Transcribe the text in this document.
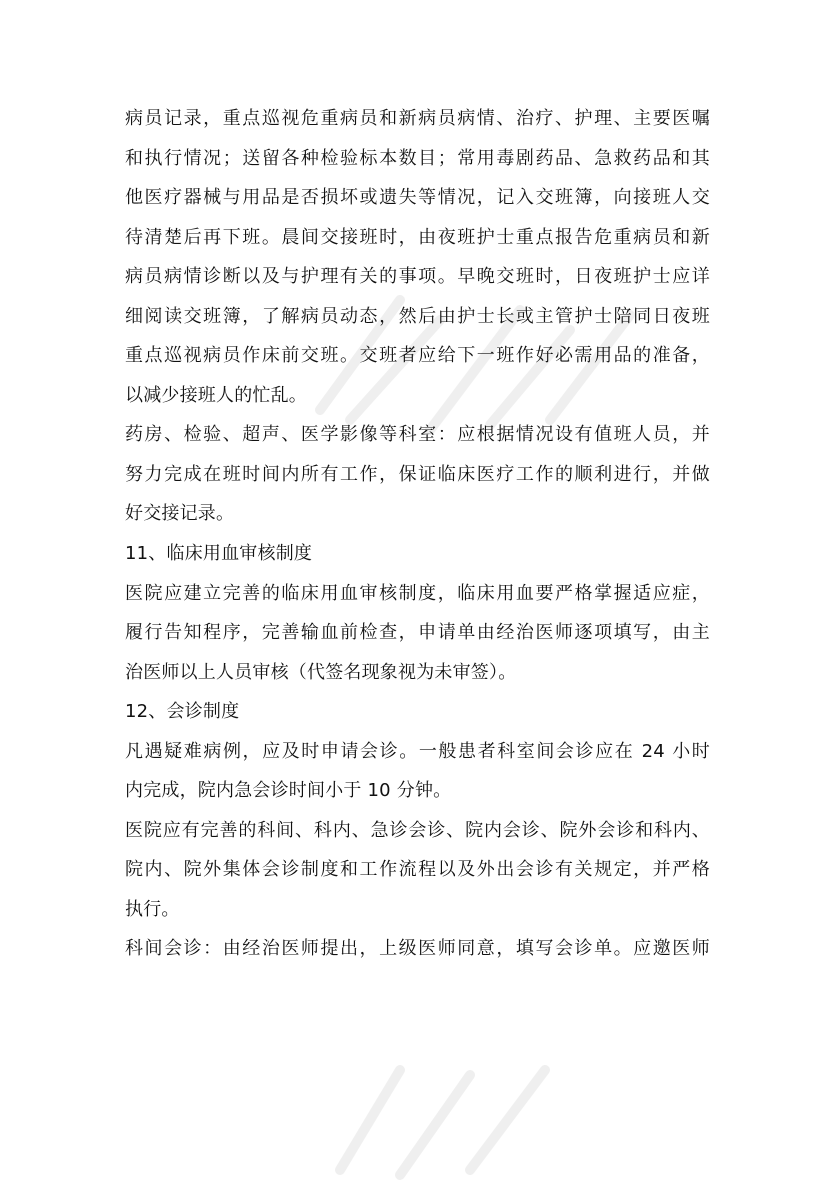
病员记录，重点巡视危重病员和新病员病情、治疗、护理、主要医嘱
和执行情况；送留各种检验标本数目；常用毒剧药品、急救药品和其
他医疗器械与用品是否损坏或遗失等情况，记入交班簿，向接班人交
待清楚后再下班。晨间交接班时，由夜班护士重点报告危重病员和新
病员病情诊断以及与护理有关的事项。早晚交班时，日夜班护士应详
细阅读交班簿，了解病员动态，然后由护士长或主管护士陪同日夜班
重点巡视病员作床前交班。交班者应给下一班作好必需用品的准备，
以减少接班人的忙乱。
药房、检验、超声、医学影像等科室：应根据情况设有值班人员，并
努力完成在班时间内所有工作，保证临床医疗工作的顺利进行，并做
好交接记录。
11、临床用血审核制度
医院应建立完善的临床用血审核制度，临床用血要严格掌握适应症，
履行告知程序，完善输血前检查，申请单由经治医师逐项填写，由主
治医师以上人员审核（代签名现象视为未审签）。
12、会诊制度
凡遇疑难病例，应及时申请会诊。一般患者科室间会诊应在 24 小时
内完成，院内急会诊时间小于 10 分钟。
医院应有完善的科间、科内、急诊会诊、院内会诊、院外会诊和科内、
院内、院外集体会诊制度和工作流程以及外出会诊有关规定，并严格
执行。
科间会诊：由经治医师提出，上级医师同意，填写会诊单。应邀医师
